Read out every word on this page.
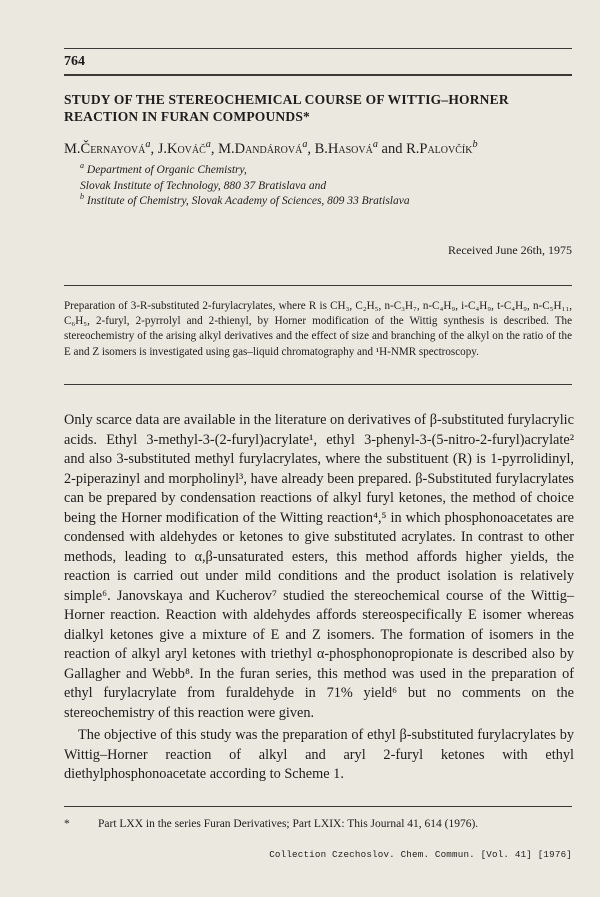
764
STUDY OF THE STEREOCHEMICAL COURSE OF WITTIG–HORNER REACTION IN FURAN COMPOUNDS*
M.Černayová$^a$, J.Kováč$^a$, M.Dandárová$^a$, B.Hasová$^a$ and R.Palovčík$^b$
$^a$ Department of Organic Chemistry,
Slovak Institute of Technology, 880 37 Bratislava and
$^b$ Institute of Chemistry, Slovak Academy of Sciences, 809 33 Bratislava
Received June 26th, 1975
Preparation of 3-R-substituted 2-furylacrylates, where R is CH₃, C₂H₅, n-C₃H₇, n-C₄H₉, i-C₄H₉, t-C₄H₉, n-C₅H₁₁, C₆H₅, 2-furyl, 2-pyrrolyl and 2-thienyl, by Horner modification of the Wittig synthesis is described. The stereochemistry of the arising alkyl derivatives and the effect of size and branching of the alkyl on the ratio of the E and Z isomers is investigated using gas–liquid chromatography and ¹H-NMR spectroscopy.

Only scarce data are available in the literature on derivatives of β-substituted furylacrylic acids. Ethyl 3-methyl-3-(2-furyl)acrylate¹, ethyl 3-phenyl-3-(5-nitro-2-furyl)acrylate² and also 3-substituted methyl furylacrylates, where the substituent (R) is 1-pyrrolidinyl, 2-piperazinyl and morpholinyl³, have already been prepared. β-Substituted furylacrylates can be prepared by condensation reactions of alkyl furyl ketones, the method of choice being the Horner modification of the Witting reaction⁴,⁵ in which phosphonoacetates are condensed with aldehydes or ketones to give substituted acrylates. In contrast to other methods, leading to α,β-unsaturated esters, this method affords higher yields, the reaction is carried out under mild conditions and the product isolation is relatively simple⁶. Janovskaya and Kucherov⁷ studied the stereochemical course of the Wittig–Horner reaction. Reaction with aldehydes affords stereospecifically E isomer whereas dialkyl ketones give a mixture of E and Z isomers. The formation of isomers in the reaction of alkyl aryl ketones with triethyl α-phosphonopropionate is described also by Gallagher and Webb⁸. In the furan series, this method was used in the preparation of ethyl furylacrylate from furaldehyde in 71% yield⁶ but no comments on the stereochemistry of this reaction were given.

The objective of this study was the preparation of ethyl β-substituted furylacrylates by Wittig–Horner reaction of alkyl and aryl 2-furyl ketones with ethyl diethylphosphonoacetate according to Scheme 1.

* Part LXX in the series Furan Derivatives; Part LXIX: This Journal 41, 614 (1976).
Collection Czechoslov. Chem. Commun. [Vol. 41] [1976]
